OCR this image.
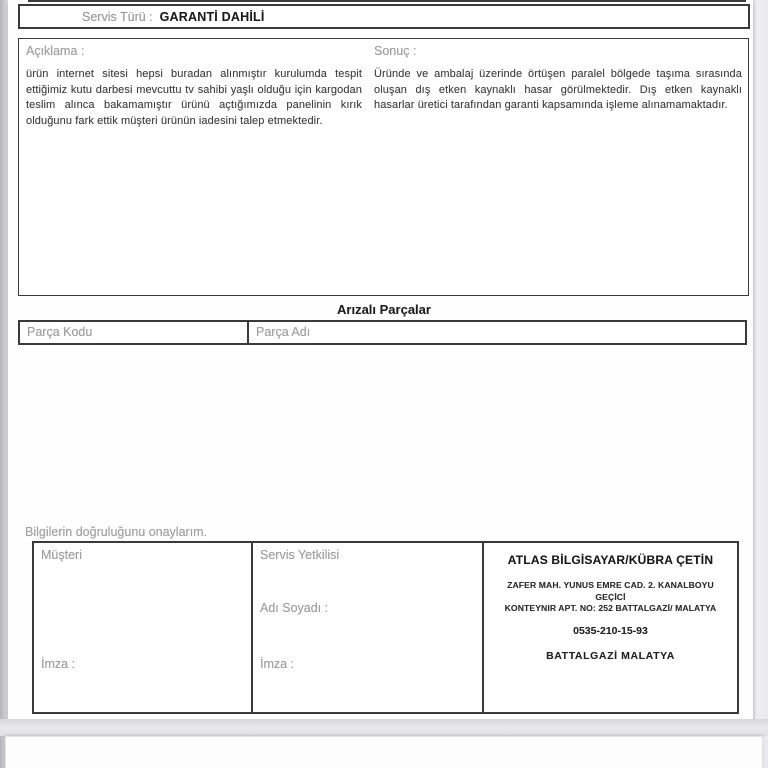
Servis Türü : GARANTİ DAHİLİ
Açıklama :

ürün internet sitesi hepsi buradan alınmıştır kurulumda tespit ettiğimiz kutu darbesi mevcuttu tv sahibi yaşlı olduğu için kargodan teslim alınca bakamamıştır ürünü açtığımızda panelinin kırık olduğunu fark ettik müşteri ürünün iadesini talep etmektedir.

Sonuç :

Üründe ve ambalaj üzerinde örtüşen paralel bölgede taşıma sırasında oluşan dış etken kaynaklı hasar görülmektedir. Dış etken kaynaklı hasarlar üretici tarafından garanti kapsamında işleme alınamamaktadır.

Arızalı Parçalar
Parça Kodu	Parça Adı
Bilgilerin doğruluğunu onaylarım.
Müşteri
İmza :
Servis Yetkilisi
Adı Soyadı :
İmza :
ATLAS BİLGİSAYAR/KÜBRA ÇETİN
ZAFER MAH. YUNUS EMRE CAD. 2. KANALBOYU GEÇİCİ
KONTEYNIR APT. NO: 252 BATTALGAZİ/ MALATYA
0535-210-15-93
BATTALGAZİ MALATYA
